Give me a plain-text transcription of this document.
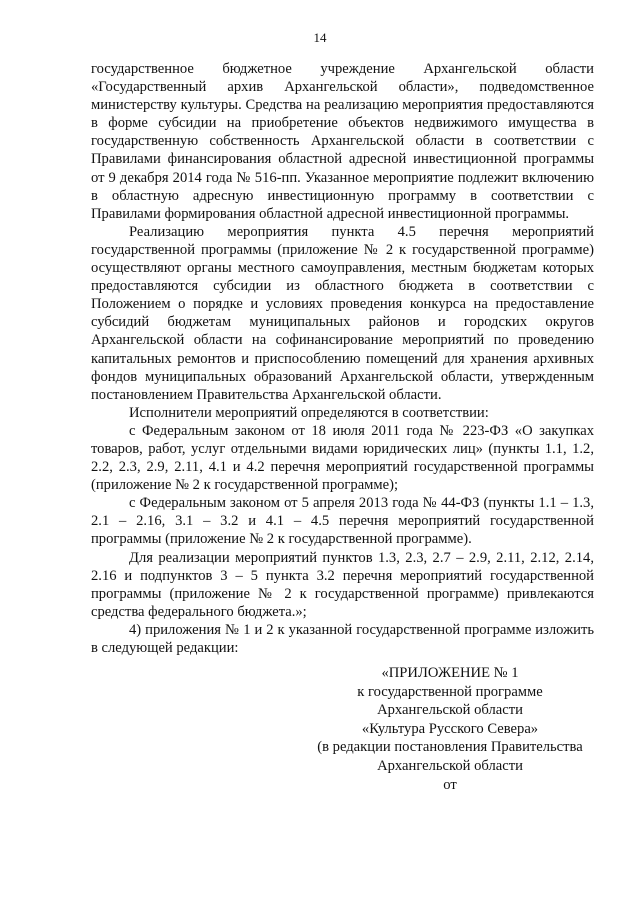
14

государственное бюджетное учреждение Архангельской области «Государственный архив Архангельской области», подведомственное министерству культуры. Средства на реализацию мероприятия предоставляются в форме субсидии на приобретение объектов недвижимого имущества в государственную собственность Архангельской области в соответствии с Правилами финансирования областной адресной инвестиционной программы от 9 декабря 2014 года № 516-пп. Указанное мероприятие подлежит включению в областную адресную инвестиционную программу в соответствии с Правилами формирования областной адресной инвестиционной программы.

Реализацию мероприятия пункта 4.5 перечня мероприятий государственной программы (приложение № 2 к государственной программе) осуществляют органы местного самоуправления, местным бюджетам которых предоставляются субсидии из областного бюджета в соответствии с Положением о порядке и условиях проведения конкурса на предоставление субсидий бюджетам муниципальных районов и городских округов Архангельской области на софинансирование мероприятий по проведению капитальных ремонтов и приспособлению помещений для хранения архивных фондов муниципальных образований Архангельской области, утвержденным постановлением Правительства Архангельской области.

Исполнители мероприятий определяются в соответствии:

с Федеральным законом от 18 июля 2011 года № 223-ФЗ «О закупках товаров, работ, услуг отдельными видами юридических лиц» (пункты 1.1, 1.2, 2.2, 2.3, 2.9, 2.11, 4.1 и 4.2 перечня мероприятий государственной программы (приложение № 2 к государственной программе);

с Федеральным законом от 5 апреля 2013 года № 44-ФЗ (пункты 1.1 – 1.3, 2.1 – 2.16, 3.1 – 3.2 и 4.1 – 4.5 перечня мероприятий государственной программы (приложение № 2 к государственной программе).

Для реализации мероприятий пунктов 1.3, 2.3, 2.7 – 2.9, 2.11, 2.12, 2.14, 2.16 и подпунктов 3 – 5 пункта 3.2 перечня мероприятий государственной программы (приложение № 2 к государственной программе) привлекаются средства федерального бюджета.»;

4) приложения № 1 и 2 к указанной государственной программе изложить в следующей редакции:

«ПРИЛОЖЕНИЕ № 1
к государственной программе
Архангельской области
«Культура Русского Севера»
(в редакции постановления Правительства
Архангельской области
от
